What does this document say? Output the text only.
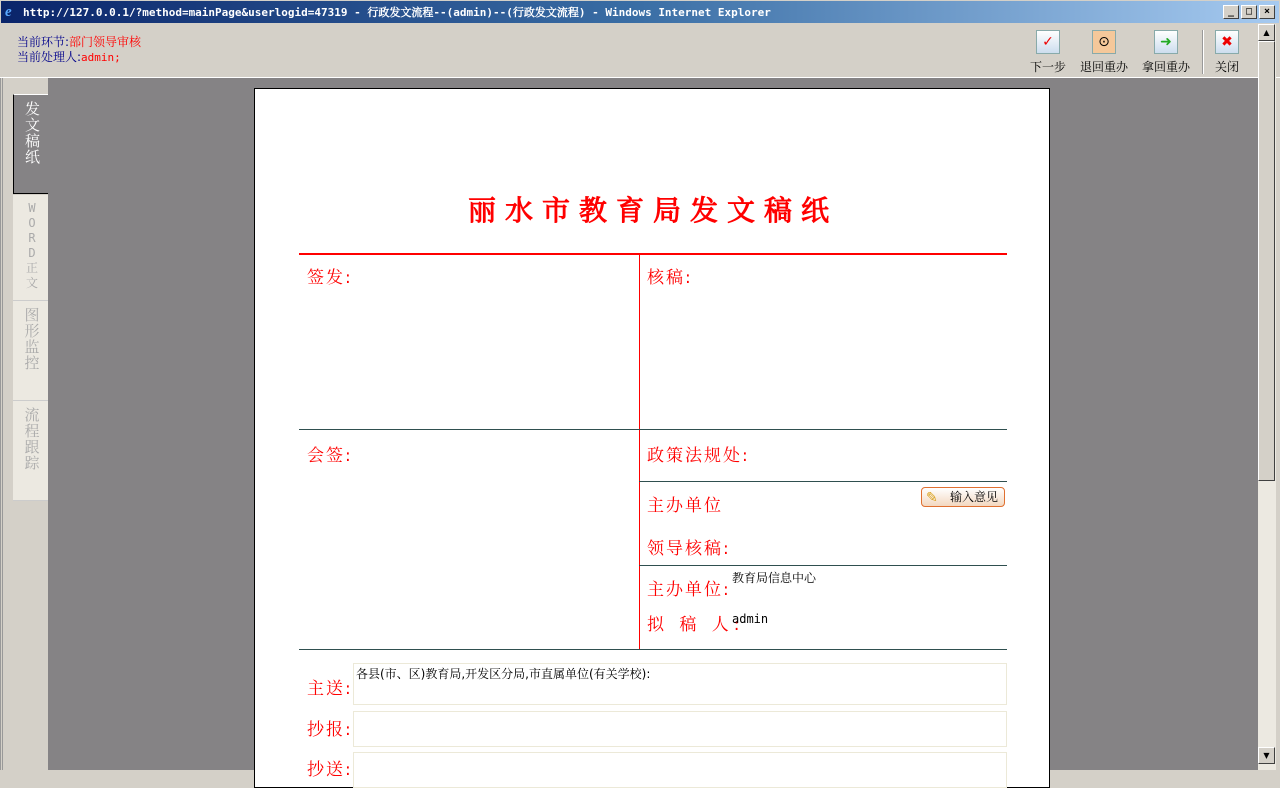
e	http://127.0.0.1/?method=mainPage&userlogid=47319 - 行政发文流程--(admin)--(行政发文流程) - Windows Internet Explorer	_	□	×
当前环节:部门领导审核
当前处理人:admin;
✓
下一步
⊙
退回重办
➜
拿回重办
✖
关闭
发
文
稿
纸
W
O
R
D
正
文
图
形
监
控
流
程
跟
踪
丽水市教育局发文稿纸
签发:	核稿:
会签:	政策法规处:
主办单位	✎ 输入意见
领导核稿:
主办单位:
教育局信息中心
拟 稿 人:
admin
主送:
各县(市、区)教育局,开发区分局,市直属单位(有关学校):
抄报:
抄送:
▲
▼
